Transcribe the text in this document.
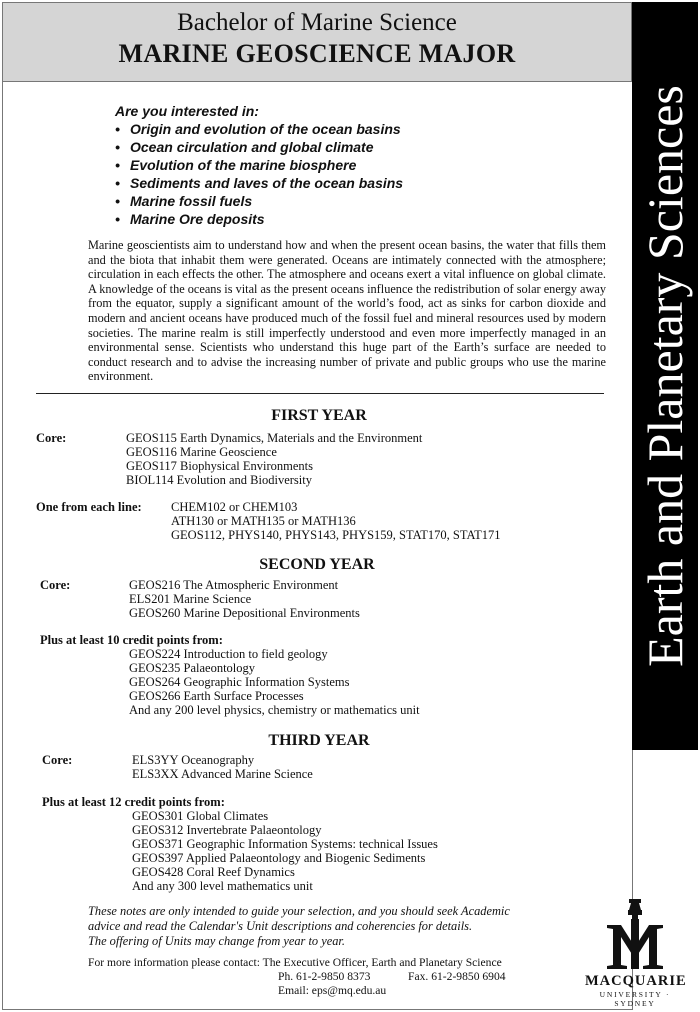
Bachelor of Marine Science
MARINE GEOSCIENCE MAJOR
Earth and Planetary Sciences
Are you interested in:
• Origin and evolution of the ocean basins
• Ocean circulation and global climate
• Evolution of the marine biosphere
• Sediments and laves of the ocean basins
• Marine fossil fuels
• Marine Ore deposits
Marine geoscientists aim to understand how and when the present ocean basins, the water that fills them and the biota that inhabit them were generated. Oceans are intimately connected with the atmosphere; circulation in each effects the other. The atmosphere and oceans exert a vital influence on global climate. A knowledge of the oceans is vital as the present oceans influence the redistribution of solar energy away from the equator, supply a significant amount of the world’s food, act as sinks for carbon dioxide and modern and ancient oceans have produced much of the fossil fuel and mineral resources used by modern societies. The marine realm is still imperfectly understood and even more imperfectly managed in an environmental sense. Scientists who understand this huge part of the Earth’s surface are needed to conduct research and to advise the increasing number of private and public groups who use the marine environment.
FIRST YEAR
Core:	GEOS115 Earth Dynamics, Materials and the Environment
GEOS116 Marine Geoscience
GEOS117 Biophysical Environments
BIOL114 Evolution and Biodiversity
One from each line: CHEM102 or CHEM103
ATH130 or MATH135 or MATH136
GEOS112, PHYS140, PHYS143, PHYS159, STAT170, STAT171
SECOND YEAR
Core:	GEOS216 The Atmospheric Environment
ELS201 Marine Science
GEOS260 Marine Depositional Environments
Plus at least 10 credit points from:
GEOS224 Introduction to field geology
GEOS235 Palaeontology
GEOS264 Geographic Information Systems
GEOS266 Earth Surface Processes
And any 200 level physics, chemistry or mathematics unit
THIRD YEAR
Core:	ELS3YY Oceanography
ELS3XX Advanced Marine Science
Plus at least 12 credit points from:
GEOS301 Global Climates
GEOS312 Invertebrate Palaeontology
GEOS371 Geographic Information Systems: technical Issues
GEOS397 Applied Palaeontology and Biogenic Sediments
GEOS428 Coral Reef Dynamics
And any 300 level mathematics unit
These notes are only intended to guide your selection, and you should seek Academic
advice and read the Calendar's Unit descriptions and coherencies for details.
The offering of Units may change from year to year.
For more information please contact: The Executive Officer, Earth and Planetary Science
Ph. 61-2-9850 8373	Fax. 61-2-9850 6904
Email: eps@mq.edu.au
MACQUARIE
UNIVERSITY · SYDNEY
